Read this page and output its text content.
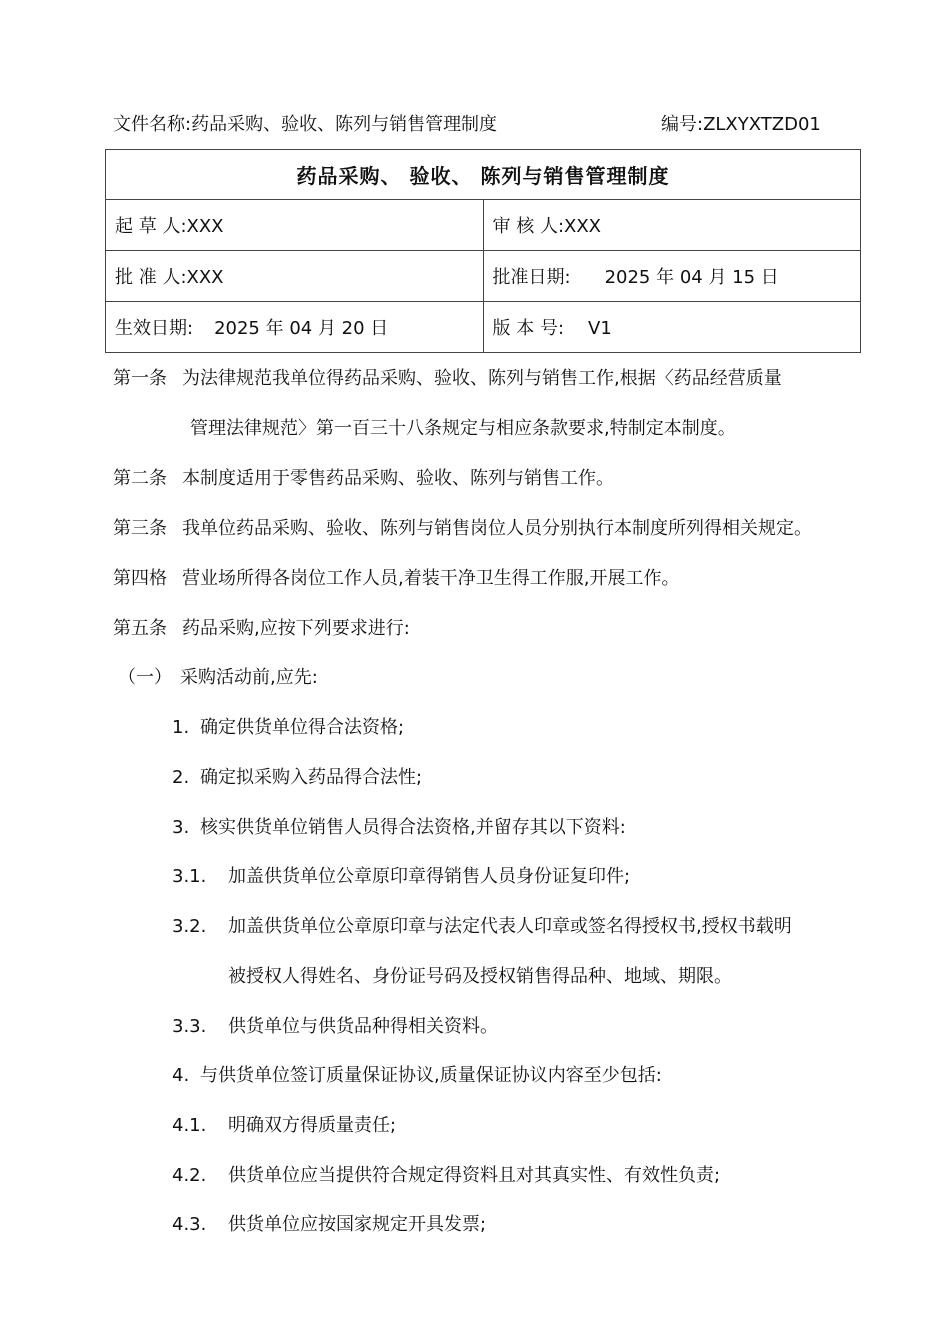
文件名称:药品采购、验收、陈列与销售管理制度	编号:ZLXYXTZD01
药品采购、 验收、 陈列与销售管理制度	
起 草 人:XXX	审 核 人:XXX
批 准 人:XXX	批准日期: 2025 年 04 月 15 日
生效日期: 2025 年 04 月 20 日	版 本 号: V1
第一条 为法律规范我单位得药品采购、验收、陈列与销售工作,根据〈药品经营质量
管理法律规范〉第一百三十八条规定与相应条款要求,特制定本制度。
第二条 本制度适用于零售药品采购、验收、陈列与销售工作。
第三条 我单位药品采购、验收、陈列与销售岗位人员分别执行本制度所列得相关规定。
第四格 营业场所得各岗位工作人员,着装干净卫生得工作服,开展工作。
第五条 药品采购,应按下列要求进行:
（一） 采购活动前,应先:
1. 确定供货单位得合法资格;
2. 确定拟采购入药品得合法性;
3. 核实供货单位销售人员得合法资格,并留存其以下资料:
3.1. 加盖供货单位公章原印章得销售人员身份证复印件;
3.2. 加盖供货单位公章原印章与法定代表人印章或签名得授权书,授权书载明
被授权人得姓名、身份证号码及授权销售得品种、地域、期限。
3.3. 供货单位与供货品种得相关资料。
4. 与供货单位签订质量保证协议,质量保证协议内容至少包括:
4.1. 明确双方得质量责任;
4.2. 供货单位应当提供符合规定得资料且对其真实性、有效性负责;
4.3. 供货单位应按国家规定开具发票;
